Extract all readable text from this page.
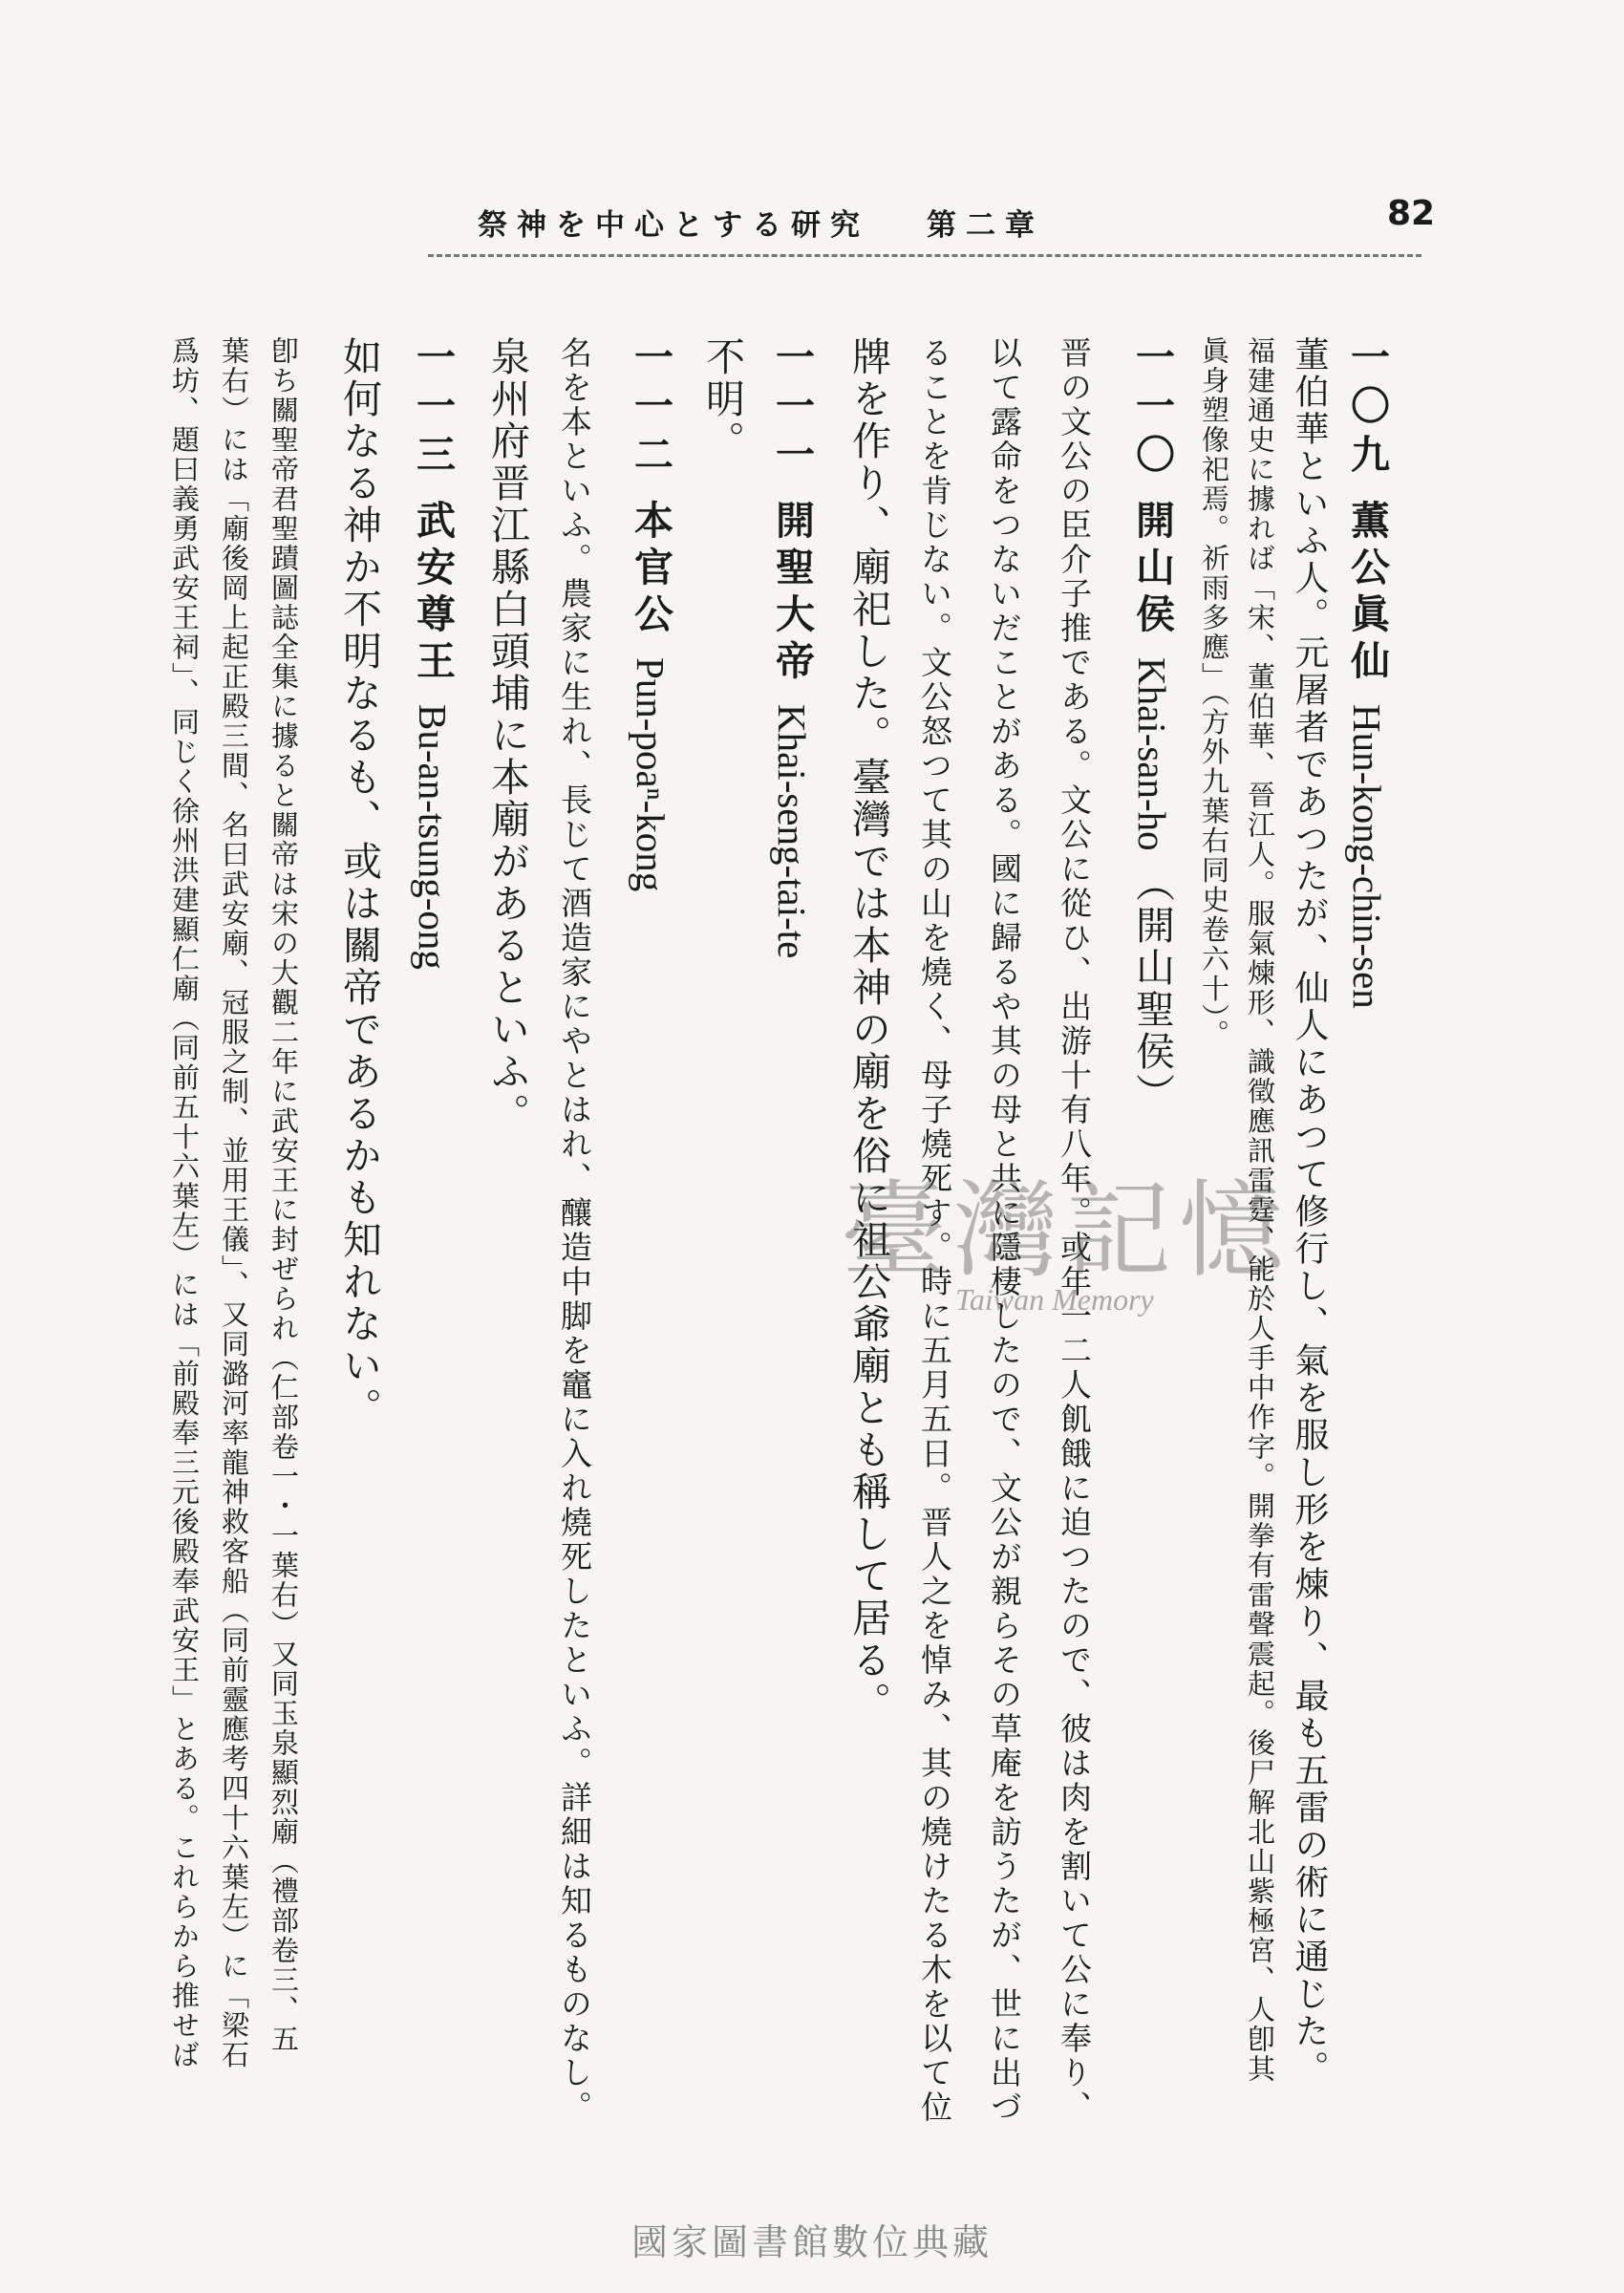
82
第二章
祭神を中心とする研究
一〇九薫公眞仙Hun-kong-chin-sen
董伯華といふ人。元屠者であつたが、仙人にあつて修行し、氣を服し形を煉り、最も五雷の術に通じた。
福建通史に據れば「宋、董伯華、晉江人。服氣煉形、識徵應訊雷霆、能於人手中作字。開拳有雷聲震起。後尸解北山紫極宮、人卽其
眞身塑像祀焉。祈雨多應」（方外九葉右同史卷六十）。
一一〇開山侯Khai-san-ho（開山聖侯）
晋の文公の臣介子推である。文公に從ひ、出游十有八年。或年一二人飢餓に迫つたので、彼は肉を割いて公に奉り、
以て露命をつないだことがある。國に歸るや其の母と共に隱棲したので、文公が親らその草庵を訪うたが、世に出づ
ることを肯じない。文公怒つて其の山を燒く、母子燒死す。時に五月五日。晋人之を悼み、其の燒けたる木を以て位
牌を作り、廟祀した。臺灣では本神の廟を俗に祖公爺廟とも稱して居る。
一一一開聖大帝Khai-seng-tai-te
不明。
一一二本官公Pun-poaⁿ-kong
名を本といふ。農家に生れ、長じて酒造家にやとはれ、釀造中脚を竈に入れ燒死したといふ。詳細は知るものなし。
泉州府晋江縣白頭埔に本廟があるといふ。
一一三武安尊王Bu-an-tsung-ong
如何なる神か不明なるも、或は關帝であるかも知れない。
卽ち關聖帝君聖蹟圖誌全集に據ると關帝は宋の大觀二年に武安王に封ぜられ（仁部卷一・一葉右）又同玉泉顯烈廟（禮部卷三、五
葉右）には「廟後岡上起正殿三間、名曰武安廟、冠服之制、並用王儀」、又同潞河率龍神救客船（同前靈應考四十六葉左）に「梁石
爲坊、題曰義勇武安王祠」、同じく徐州洪建顯仁廟（同前五十六葉左）には「前殿奉三元後殿奉武安王」とある。これらから推せば	臺灣記憶
Taiwan Memory
國家圖書館數位典藏
